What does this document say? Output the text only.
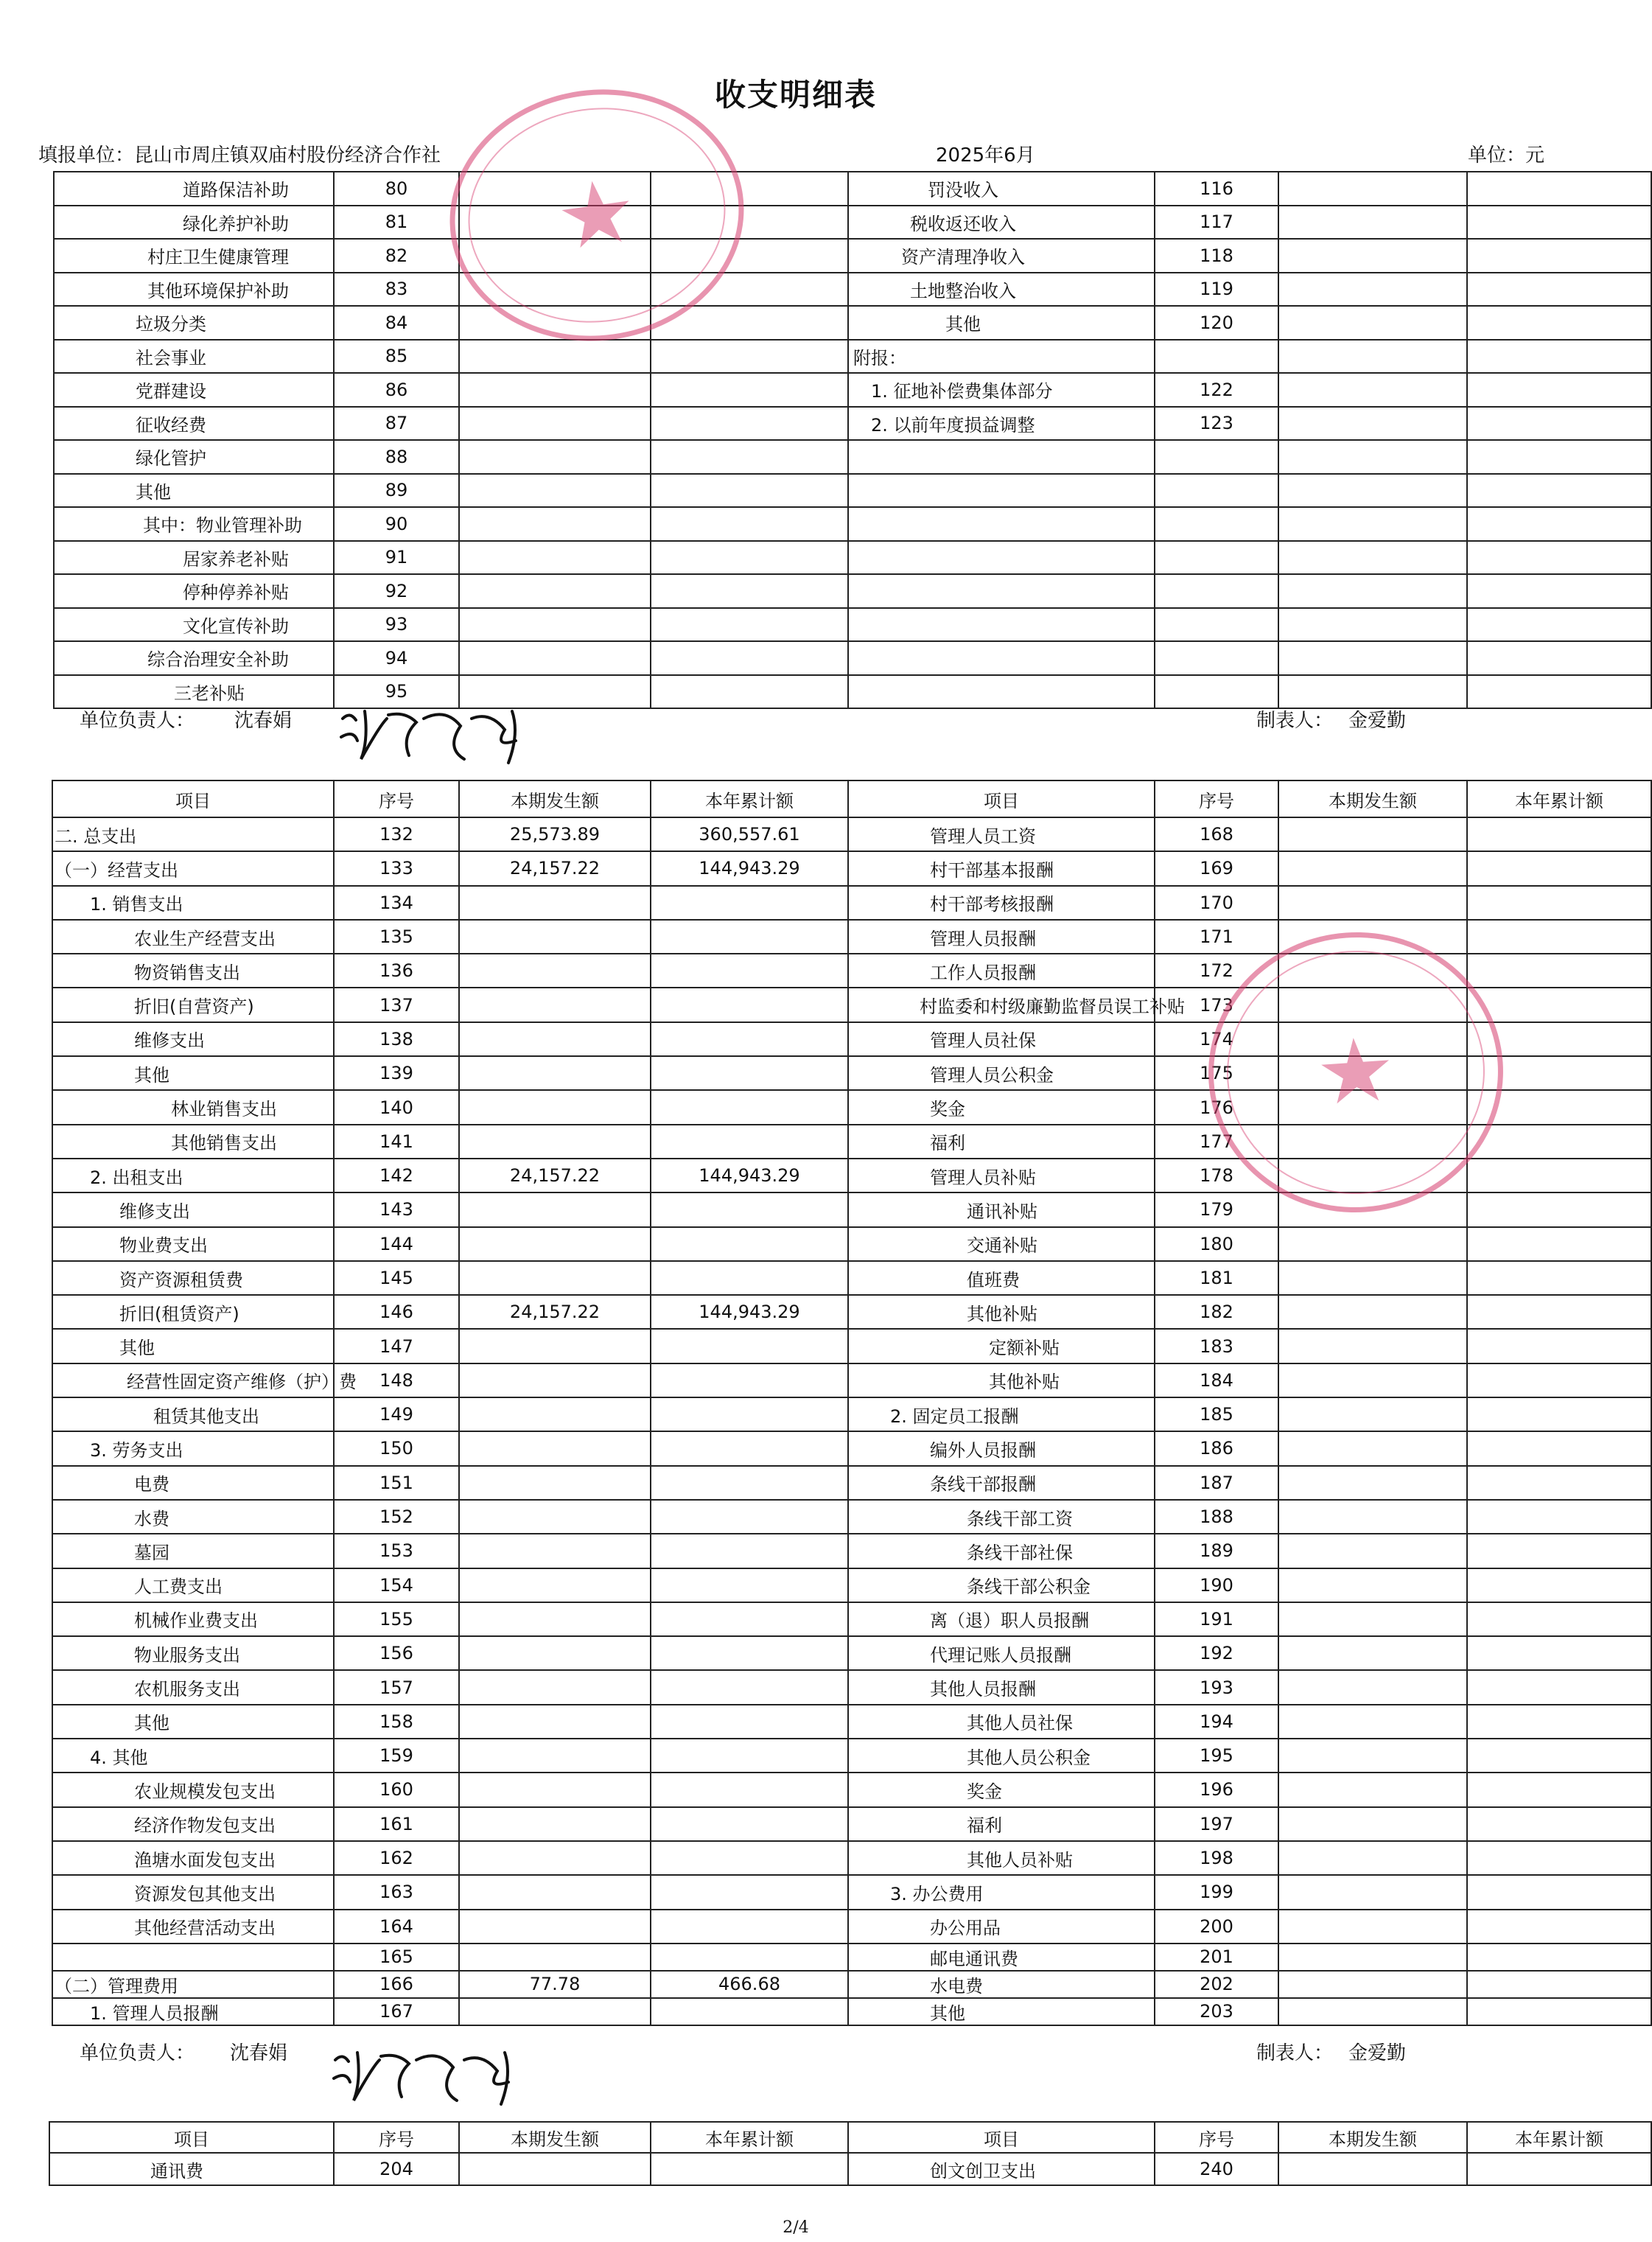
收支明细表
填报单位：昆山市周庄镇双庙村股份经济合作社	2025年6月	单位：元
道路保洁补助	80			罚没收入	116		
绿化养护补助	81			税收返还收入	117		
村庄卫生健康管理	82			资产清理净收入	118		
其他环境保护补助	83			土地整治收入	119		
垃圾分类	84			其他	120		
社会事业	85			附报：			
党群建设	86			1. 征地补偿费集体部分	122		
征收经费	87			2. 以前年度损益调整	123		
绿化管护	88						
其他	89						
其中：物业管理补助	90						
居家养老补贴	91						
停种停养补贴	92						
文化宣传补助	93						
综合治理安全补助	94						
三老补贴	95						
单位负责人： 沈春娟	制表人： 金爱勤
项目	序号	本期发生额	本年累计额	项目	序号	本期发生额	本年累计额
二. 总支出	132	25,573.89	360,557.61	管理人员工资	168		
（一）经营支出	133	24,157.22	144,943.29	村干部基本报酬	169		
1. 销售支出	134			村干部考核报酬	170		
农业生产经营支出	135			管理人员报酬	171		
物资销售支出	136			工作人员报酬	172		
折旧(自营资产)	137			村监委和村级廉勤监督员误工补贴	173		
维修支出	138			管理人员社保	174		
其他	139			管理人员公积金	175		
林业销售支出	140			奖金	176		
其他销售支出	141			福利	177		
2. 出租支出	142	24,157.22	144,943.29	管理人员补贴	178		
维修支出	143			通讯补贴	179		
物业费支出	144			交通补贴	180		
资产资源租赁费	145			值班费	181		
折旧(租赁资产)	146	24,157.22	144,943.29	其他补贴	182		
其他	147			定额补贴	183		
经营性固定资产维修（护）费	148			其他补贴	184		
租赁其他支出	149			2. 固定员工报酬	185		
3. 劳务支出	150			编外人员报酬	186		
电费	151			条线干部报酬	187		
水费	152			条线干部工资	188		
墓园	153			条线干部社保	189		
人工费支出	154			条线干部公积金	190		
机械作业费支出	155			离（退）职人员报酬	191		
物业服务支出	156			代理记账人员报酬	192		
农机服务支出	157			其他人员报酬	193		
其他	158			其他人员社保	194		
4. 其他	159			其他人员公积金	195		
农业规模发包支出	160			奖金	196		
经济作物发包支出	161			福利	197		
渔塘水面发包支出	162			其他人员补贴	198		
资源发包其他支出	163			3. 办公费用	199		
其他经营活动支出	164			办公用品	200		
	165			邮电通讯费	201		
（二）管理费用	166	77.78	466.68	水电费	202		
1. 管理人员报酬	167			其他	203		
单位负责人： 沈春娟	制表人： 金爱勤
项目	序号	本期发生额	本年累计额	项目	序号	本期发生额	本年累计额
通讯费	204			创文创卫支出	240		
2/4
★
★
